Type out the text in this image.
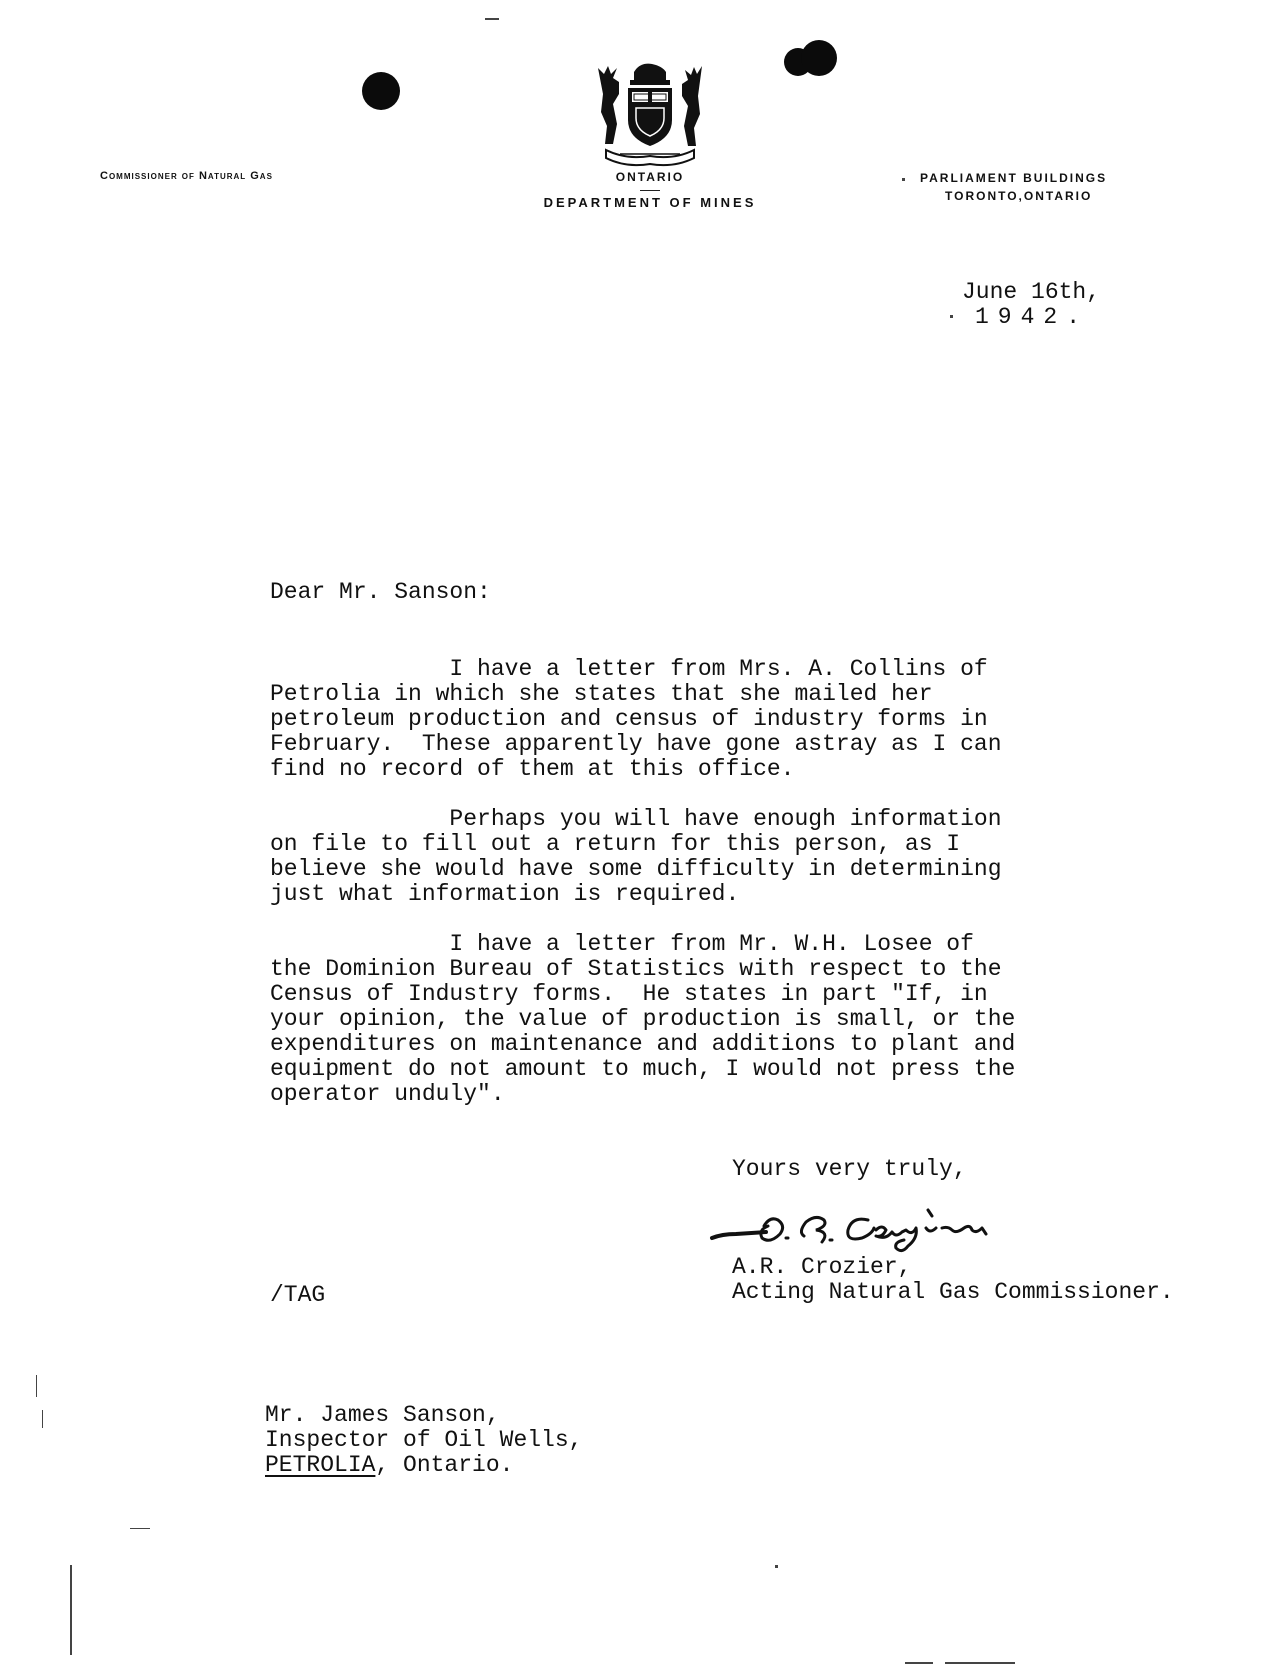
Commissioner of Natural Gas	ONTARIO
DEPARTMENT OF MINES
PARLIAMENT BUILDINGS
TORONTO,ONTARIO
June 16th,
1942.
Dear Mr. Sanson:
I have a letter from Mrs. A. Collins of
Petrolia in which she states that she mailed her
petroleum production and census of industry forms in
February.  These apparently have gone astray as I can
find no record of them at this office.
Perhaps you will have enough information
on file to fill out a return for this person, as I
believe she would have some difficulty in determining
just what information is required.
I have a letter from Mr. W.H. Losee of
the Dominion Bureau of Statistics with respect to the
Census of Industry forms.  He states in part "If, in
your opinion, the value of production is small, or the
expenditures on maintenance and additions to plant and
equipment do not amount to much, I would not press the
operator unduly".
Yours very truly,
A.R. Crozier,
Acting Natural Gas Commissioner.
/TAG
Mr. James Sanson,
Inspector of Oil Wells,
PETROLIA, Ontario.
